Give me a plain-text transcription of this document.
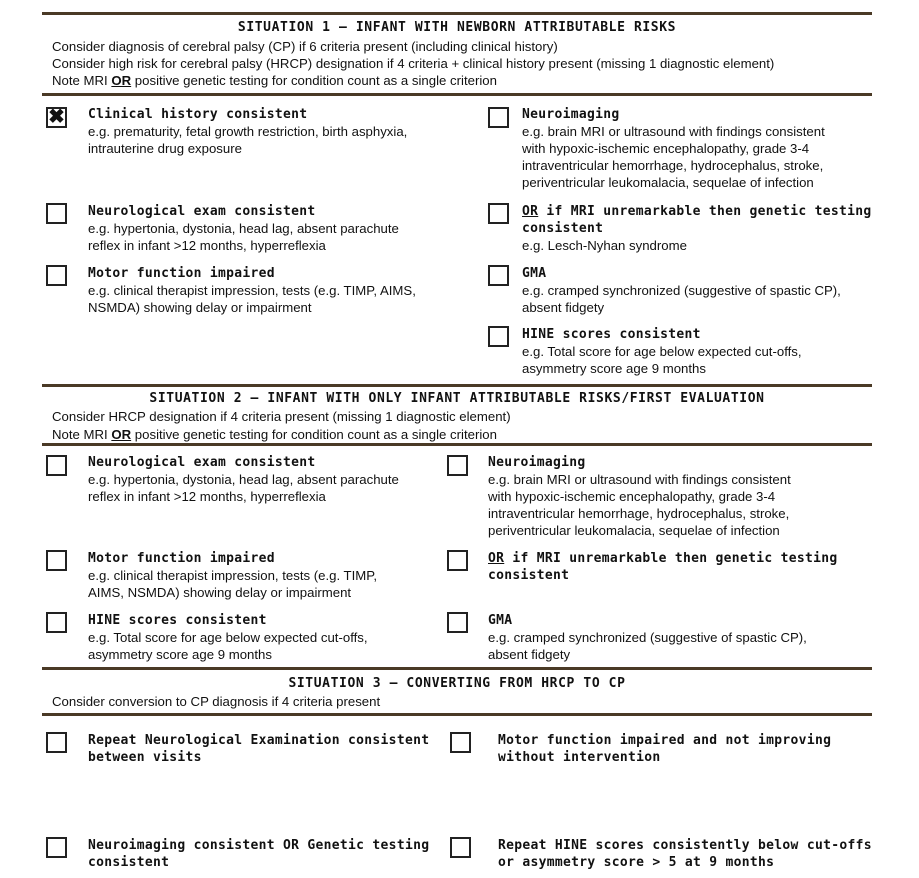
SITUATION 1 – INFANT WITH NEWBORN ATTRIBUTABLE RISKS
Consider diagnosis of cerebral palsy (CP) if 6 criteria present (including clinical history)
Consider high risk for cerebral palsy (HRCP) designation if 4 criteria + clinical history present (missing 1 diagnostic element)
Note MRI OR positive genetic testing for condition count as a single criterion
✖ Clinical history consistent
e.g. prematurity, fetal growth restriction, birth asphyxia,
intrauterine drug exposure
Neurological exam consistent
e.g. hypertonia, dystonia, head lag, absent parachute
reflex in infant >12 months, hyperreflexia
Motor function impaired
e.g. clinical therapist impression, tests (e.g. TIMP, AIMS,
NSMDA) showing delay or impairment
Neuroimaging
e.g. brain MRI or ultrasound with findings consistent
with hypoxic-ischemic encephalopathy, grade 3-4
intraventricular hemorrhage, hydrocephalus, stroke,
periventricular leukomalacia, sequelae of infection
OR if MRI unremarkable then genetic testing
consistent
e.g. Lesch-Nyhan syndrome
GMA
e.g. cramped synchronized (suggestive of spastic CP),
absent fidgety
HINE scores consistent
e.g. Total score for age below expected cut-offs,
asymmetry score age 9 months
SITUATION 2 – INFANT WITH ONLY INFANT ATTRIBUTABLE RISKS/FIRST EVALUATION
Consider HRCP designation if 4 criteria present (missing 1 diagnostic element)
Note MRI OR positive genetic testing for condition count as a single criterion
Neurological exam consistent
e.g. hypertonia, dystonia, head lag, absent parachute
reflex in infant >12 months, hyperreflexia
Motor function impaired
e.g. clinical therapist impression, tests (e.g. TIMP,
AIMS, NSMDA) showing delay or impairment
HINE scores consistent
e.g. Total score for age below expected cut-offs,
asymmetry score age 9 months
Neuroimaging
e.g. brain MRI or ultrasound with findings consistent
with hypoxic-ischemic encephalopathy, grade 3-4
intraventricular hemorrhage, hydrocephalus, stroke,
periventricular leukomalacia, sequelae of infection
OR if MRI unremarkable then genetic testing
consistent
GMA
e.g. cramped synchronized (suggestive of spastic CP),
absent fidgety
SITUATION 3 – CONVERTING FROM HRCP TO CP
Consider conversion to CP diagnosis if 4 criteria present
Repeat Neurological Examination consistent
between visits
Motor function impaired and not improving
without intervention
Neuroimaging consistent OR Genetic testing
consistent
Repeat HINE scores consistently below cut-offs
or asymmetry score > 5 at 9 months
